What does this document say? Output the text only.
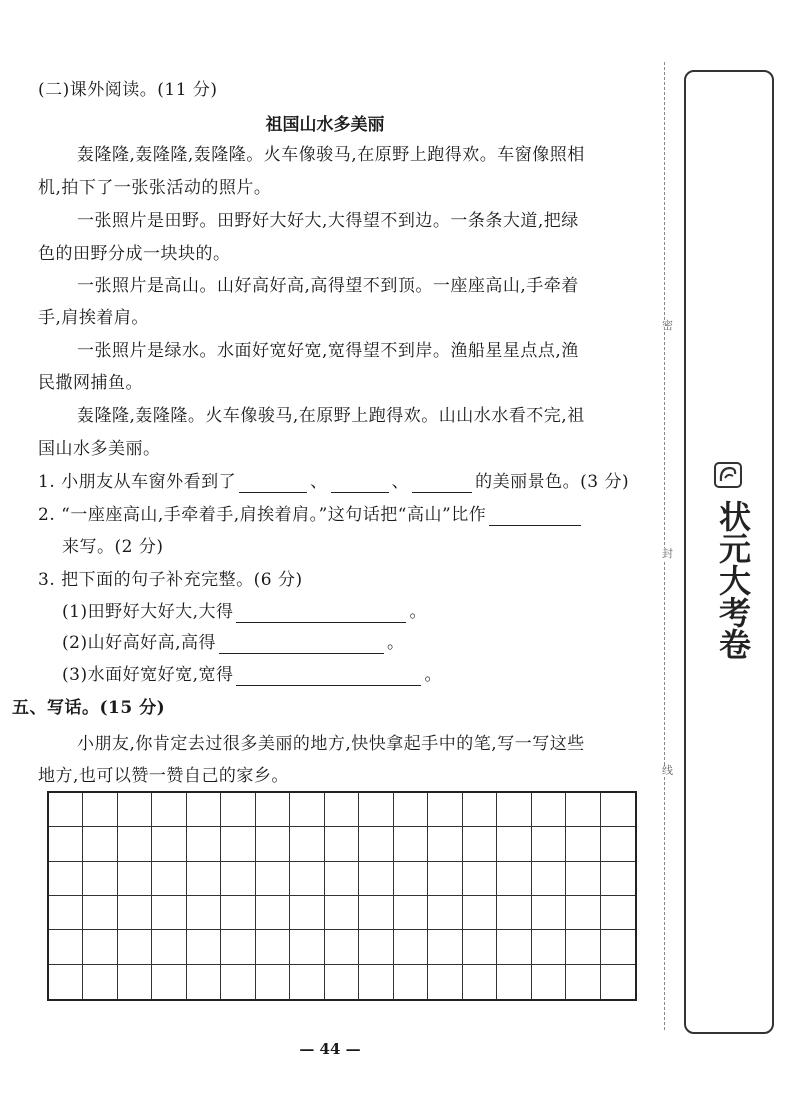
(二)课外阅读。(11 分)
祖国山水多美丽
轰隆隆,轰隆隆,轰隆隆。火车像骏马,在原野上跑得欢。车窗像照相
机,拍下了一张张活动的照片。
一张照片是田野。田野好大好大,大得望不到边。一条条大道,把绿
色的田野分成一块块的。
一张照片是高山。山好高好高,高得望不到顶。一座座高山,手牵着
手,肩挨着肩。
一张照片是绿水。水面好宽好宽,宽得望不到岸。渔船星星点点,渔
民撒网捕鱼。
轰隆隆,轰隆隆。火车像骏马,在原野上跑得欢。山山水水看不完,祖
国山水多美丽。
1. 小朋友从车窗外看到了	、	、	的美丽景色。(3 分)
2. “一座座高山,手牵着手,肩挨着肩。”这句话把“高山”比作
来写。(2 分)
3. 把下面的句子补充完整。(6 分)
(1)田野好大好大,大得	。
(2)山好高好高,高得	。
(3)水面好宽好宽,宽得	。
五、写话。(15 分)
小朋友,你肯定去过很多美丽的地方,快快拿起手中的笔,写一写这些
地方,也可以赞一赞自己的家乡。
密
封
线
状元大考卷
— 44 —
